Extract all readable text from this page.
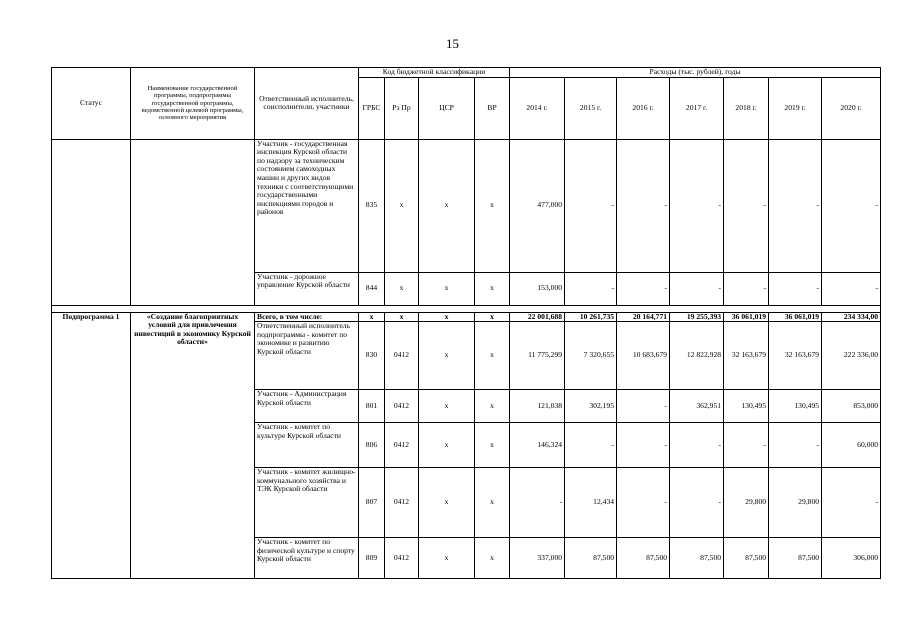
15
Статус	Наименование государственной программы, подпрограммы государственной программы, ведомственной целевой программы, основного мероприятия	Ответственный исполнитель, соисполнители, участники	Код бюджетной классификации				Расходы (тыс. рублей), годы						
			ГРБС	Рз Пр	ЦСР	ВР	2014 г.	2015 г.	2016 г.	2017 г.	2018 г.	2019 г.	2020 г.
		Участник - государственная инспекция Курской области по надзору за техническим состоянием самоходных машин и других видов техники с соответствующими государственными инспекциями городов и районов	835	x	x	x	477,000	-	-	-	-	-	-
		Участник - дорожное управление Курской области	844	x	x	x	153,000	-	-	-	-	-	-

Подпрограмма 1	«Создание благоприятных условий для привлечения инвестиций в экономику Курской области»	Всего, в том числе:	x	x	x	x	22 001,688	10 261,735	20 164,771	19 255,393	36 061,019	36 061,019	234 334,00
		Ответственный исполнитель подпрограммы - комитет по экономике и развитию Курской области	830	0412	x	x	11 775,299	7 320,655	10 683,679	12 822,928	32 163,679	32 163,679	222 336,00
		Участник - Администрация Курской области	801	0412	x	x	121,038	302,195	-	362,951	130,495	130,495	853,000
		Участник - комитет по культуре Курской области	806	0412	x	x	146,324	-	-	-	-	-	60,000
		Участник - комитет жилищно-коммунального хозяйства и ТЭК Курской области	807	0412	x	x	-	12,434	-	-	29,800	29,800	-
		Участник - комитет по физической культуре и спорту Курской области	809	0412	x	x	337,000	87,500	87,500	87,500	87,500	87,500	306,000
